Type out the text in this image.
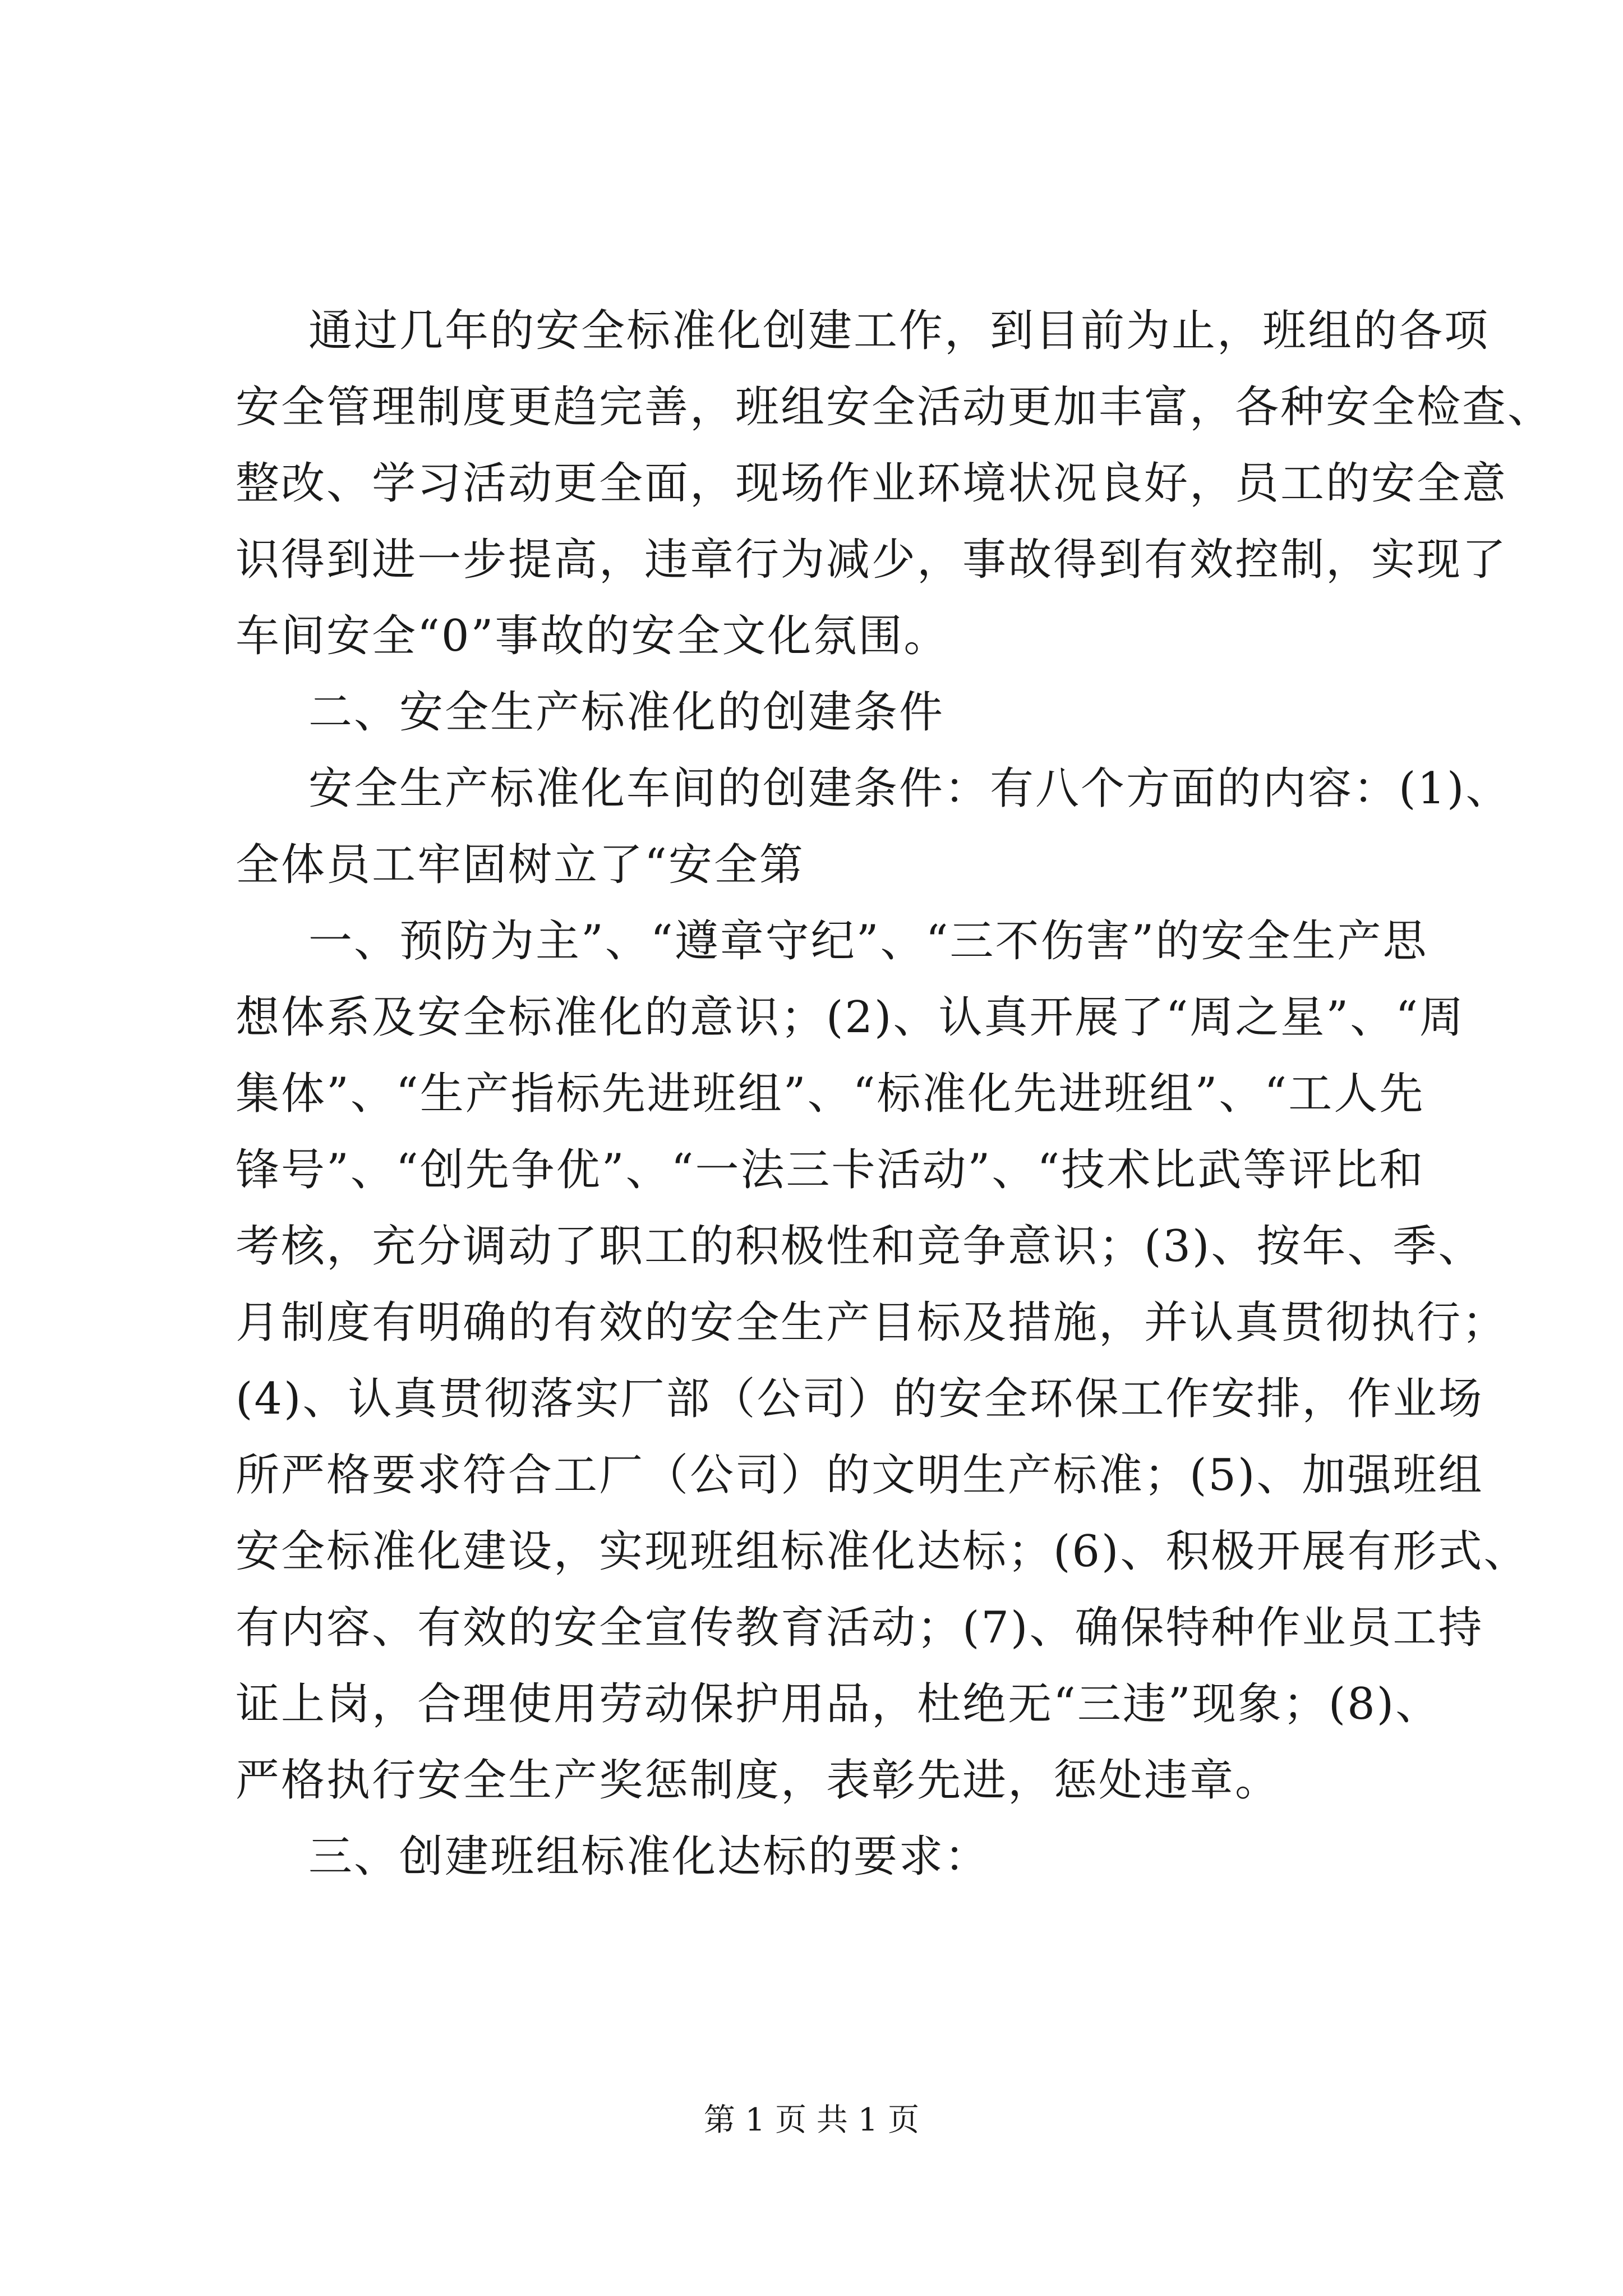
通过几年的安全标准化创建工作，到目前为止，班组的各项
安全管理制度更趋完善，班组安全活动更加丰富，各种安全检查、
整改、学习活动更全面，现场作业环境状况良好，员工的安全意
识得到进一步提高，违章行为减少，事故得到有效控制，实现了
车间安全“0”事故的安全文化氛围。
二、安全生产标准化的创建条件
安全生产标准化车间的创建条件：有八个方面的内容：(1)、
全体员工牢固树立了“安全第
一、预防为主”、“遵章守纪”、“三不伤害”的安全生产思
想体系及安全标准化的意识；(2)、认真开展了“周之星”、“周
集体”、“生产指标先进班组”、“标准化先进班组”、“工人先
锋号”、“创先争优”、“一法三卡活动”、“技术比武等评比和
考核，充分调动了职工的积极性和竞争意识；(3)、按年、季、
月制度有明确的有效的安全生产目标及措施，并认真贯彻执行；
(4)、认真贯彻落实厂部（公司）的安全环保工作安排，作业场
所严格要求符合工厂（公司）的文明生产标准；(5)、加强班组
安全标准化建设，实现班组标准化达标；(6)、积极开展有形式、
有内容、有效的安全宣传教育活动；(7)、确保特种作业员工持
证上岗，合理使用劳动保护用品，杜绝无“三违”现象；(8)、
严格执行安全生产奖惩制度，表彰先进，惩处违章。
三、创建班组标准化达标的要求：
第 1 页 共 1 页
